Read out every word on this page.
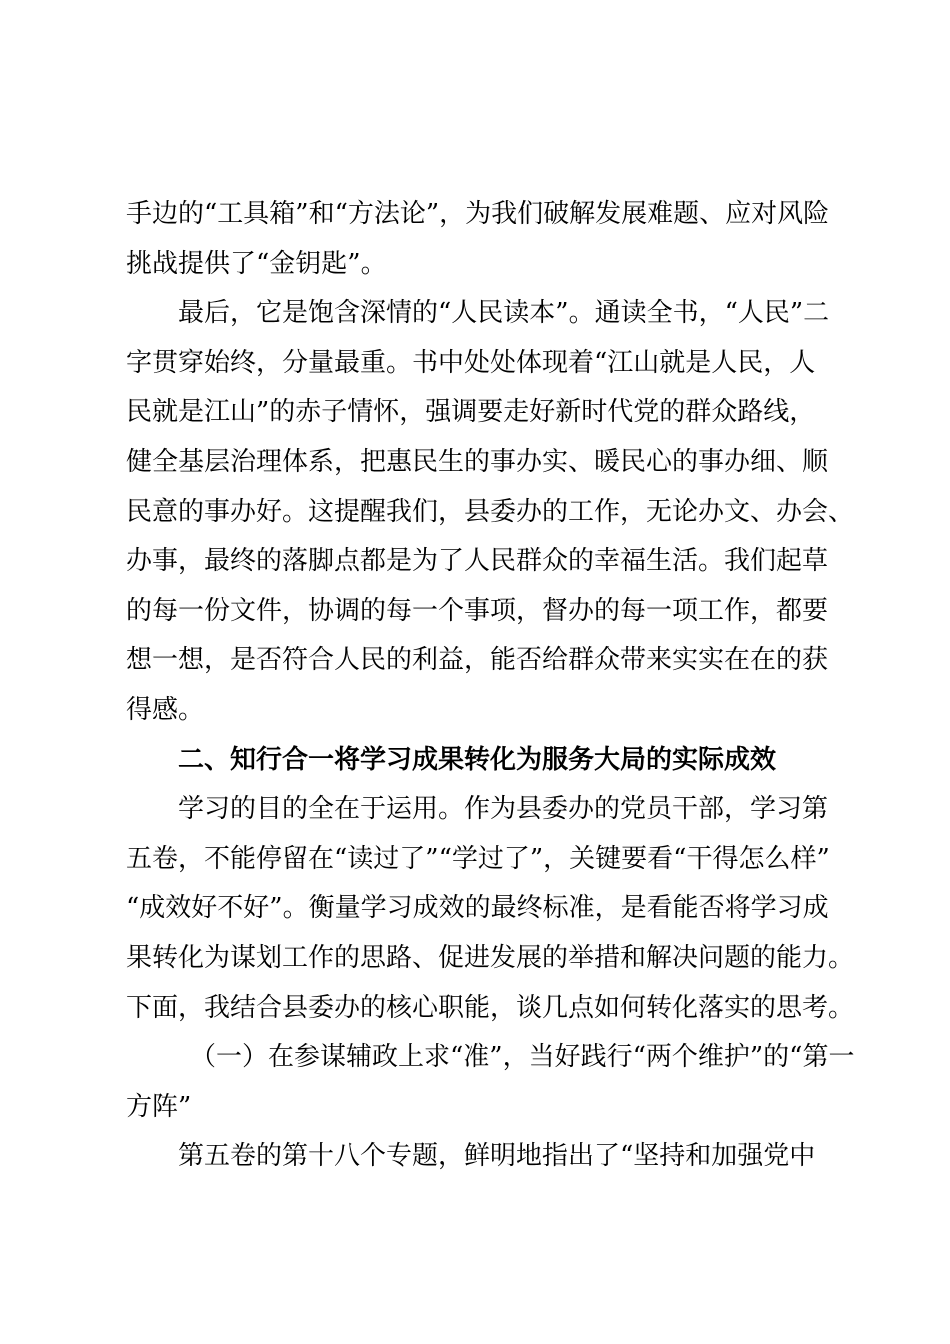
手边的“工具箱”和“方法论”，为我们破解发展难题、应对风险
挑战提供了“金钥匙”。
最后，它是饱含深情的“人民读本”。通读全书，“人民”二
字贯穿始终，分量最重。书中处处体现着“江山就是人民，人
民就是江山”的赤子情怀，强调要走好新时代党的群众路线，
健全基层治理体系，把惠民生的事办实、暖民心的事办细、顺
民意的事办好。这提醒我们，县委办的工作，无论办文、办会、
办事，最终的落脚点都是为了人民群众的幸福生活。我们起草
的每一份文件，协调的每一个事项，督办的每一项工作，都要
想一想，是否符合人民的利益，能否给群众带来实实在在的获
得感。
二、知行合一将学习成果转化为服务大局的实际成效
学习的目的全在于运用。作为县委办的党员干部，学习第
五卷，不能停留在“读过了”“学过了”，关键要看“干得怎么样”
“成效好不好”。衡量学习成效的最终标准，是看能否将学习成
果转化为谋划工作的思路、促进发展的举措和解决问题的能力。
下面，我结合县委办的核心职能，谈几点如何转化落实的思考。
（一）在参谋辅政上求“准”，当好践行“两个维护”的“第一
方阵”
第五卷的第十八个专题，鲜明地指出了“坚持和加强党中
